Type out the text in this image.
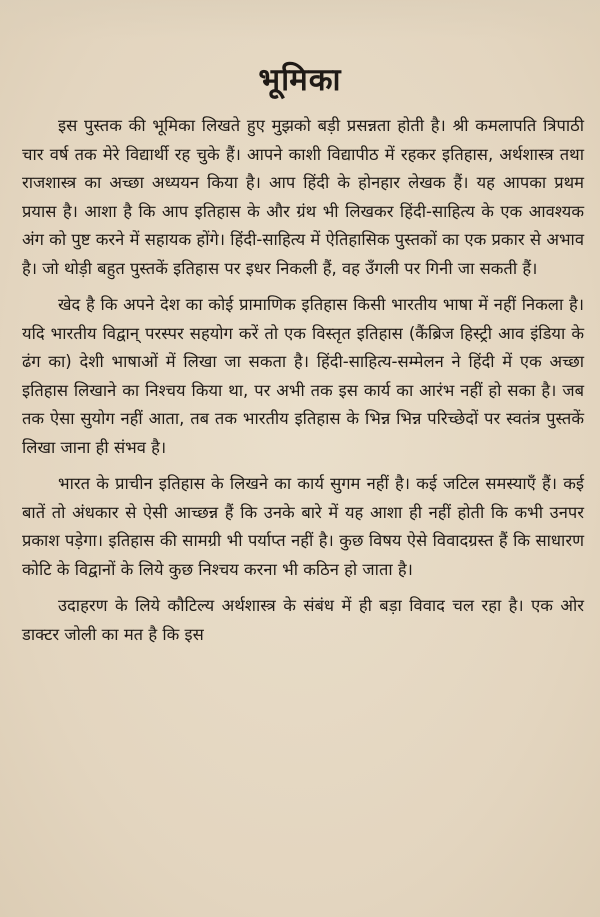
भूमिका

इस पुस्तक की भूमिका लिखते हुए मुझको बड़ी प्रसन्नता होती है। श्री कमलापति त्रिपाठी चार वर्ष तक मेरे विद्यार्थी रह चुके हैं। आपने काशी विद्यापीठ में रहकर इतिहास, अर्थशास्त्र तथा राजशास्त्र का अच्छा अध्ययन किया है। आप हिंदी के होनहार लेखक हैं। यह आपका प्रथम प्रयास है। आशा है कि आप इतिहास के और ग्रंथ भी लिखकर हिंदी-साहित्य के एक आवश्यक अंग को पुष्ट करने में सहायक होंगे। हिंदी-साहित्य में ऐतिहासिक पुस्तकों का एक प्रकार से अभाव है। जो थोड़ी बहुत पुस्तकें इतिहास पर इधर निकली हैं, वह उँगली पर गिनी जा सकती हैं।

खेद है कि अपने देश का कोई प्रामाणिक इतिहास किसी भारतीय भाषा में नहीं निकला है। यदि भारतीय विद्वान् परस्पर सहयोग करें तो एक विस्तृत इतिहास (कैंब्रिज हिस्ट्री आव इंडिया के ढंग का) देशी भाषाओं में लिखा जा सकता है। हिंदी-साहित्य-सम्मेलन ने हिंदी में एक अच्छा इतिहास लिखाने का निश्चय किया था, पर अभी तक इस कार्य का आरंभ नहीं हो सका है। जब तक ऐसा सुयोग नहीं आता, तब तक भारतीय इतिहास के भिन्न भिन्न परिच्छेदों पर स्वतंत्र पुस्तकें लिखा जाना ही संभव है।

भारत के प्राचीन इतिहास के लिखने का कार्य सुगम नहीं है। कई जटिल समस्याएँ हैं। कई बातें तो अंधकार से ऐसी आच्छन्न हैं कि उनके बारे में यह आशा ही नहीं होती कि कभी उनपर प्रकाश पड़ेगा। इतिहास की सामग्री भी पर्याप्त नहीं है। कुछ विषय ऐसे विवादग्रस्त हैं कि साधारण कोटि के विद्वानों के लिये कुछ निश्चय करना भी कठिन हो जाता है।

उदाहरण के लिये कौटिल्य अर्थशास्त्र के संबंध में ही बड़ा विवाद चल रहा है। एक ओर डाक्टर जोली का मत है कि इस
